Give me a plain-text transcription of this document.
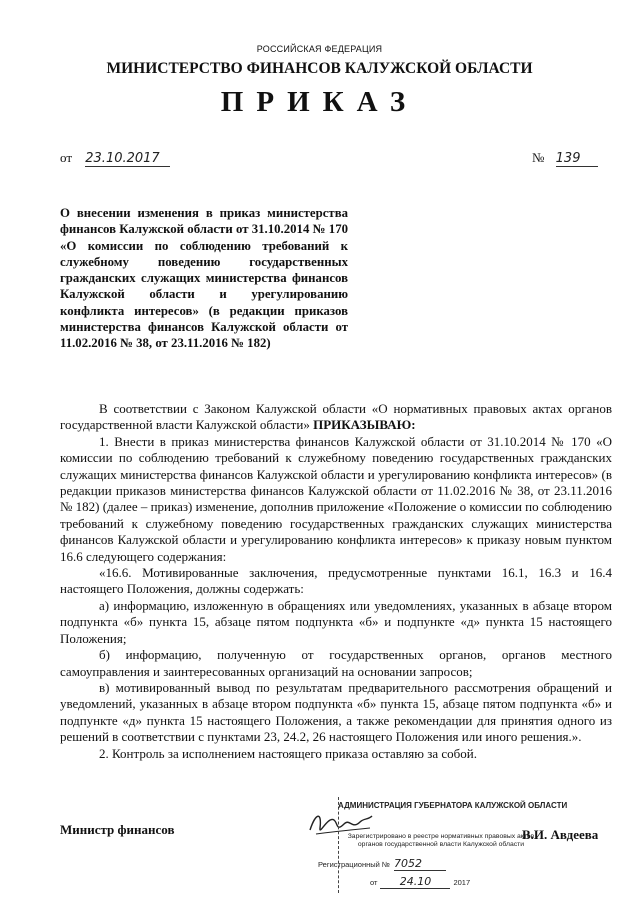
РОССИЙСКАЯ ФЕДЕРАЦИЯ
МИНИСТЕРСТВО ФИНАНСОВ КАЛУЖСКОЙ ОБЛАСТИ
ПРИКАЗ
от 23.10.2017	№ 139
О внесении изменения в приказ министерства финансов Калужской области от 31.10.2014 № 170 «О комиссии по соблюдению требований к служебному поведению государственных гражданских служащих министерства финансов Калужской области и урегулированию конфликта интересов» (в редакции приказов министерства финансов Калужской области от 11.02.2016 № 38, от 23.11.2016 № 182)

В соответствии с Законом Калужской области «О нормативных правовых актах органов государственной власти Калужской области» ПРИКАЗЫВАЮ:

1. Внести в приказ министерства финансов Калужской области от 31.10.2014 № 170 «О комиссии по соблюдению требований к служебному поведению государственных гражданских служащих министерства финансов Калужской области и урегулированию конфликта интересов» (в редакции приказов министерства финансов Калужской области от 11.02.2016 № 38, от 23.11.2016 № 182) (далее – приказ) изменение, дополнив приложение «Положение о комиссии по соблюдению требований к служебному поведению государственных гражданских служащих министерства финансов Калужской области и урегулированию конфликта интересов» к приказу новым пунктом 16.6 следующего содержания:

«16.6. Мотивированные заключения, предусмотренные пунктами 16.1, 16.3 и 16.4 настоящего Положения, должны содержать:

а) информацию, изложенную в обращениях или уведомлениях, указанных в абзаце втором подпункта «б» пункта 15, абзаце пятом подпункта «б» и подпункте «д» пункта 15 настоящего Положения;

б) информацию, полученную от государственных органов, органов местного самоуправления и заинтересованных организаций на основании запросов;

в) мотивированный вывод по результатам предварительного рассмотрения обращений и уведомлений, указанных в абзаце втором подпункта «б» пункта 15, абзаце пятом подпункта «б» и подпункте «д» пункта 15 настоящего Положения, а также рекомендации для принятия одного из решений в соответствии с пунктами 23, 24.2, 26 настоящего Положения или иного решения.».

2. Контроль за исполнением настоящего приказа оставляю за собой.

Министр финансов
АДМИНИСТРАЦИЯ ГУБЕРНАТОРА КАЛУЖСКОЙ ОБЛАСТИ
Зарегистрировано в реестре нормативных правовых актов органов государственной власти Калужской области
Регистрационный № 7052
от 24.10	2017
В.И. Авдеева
